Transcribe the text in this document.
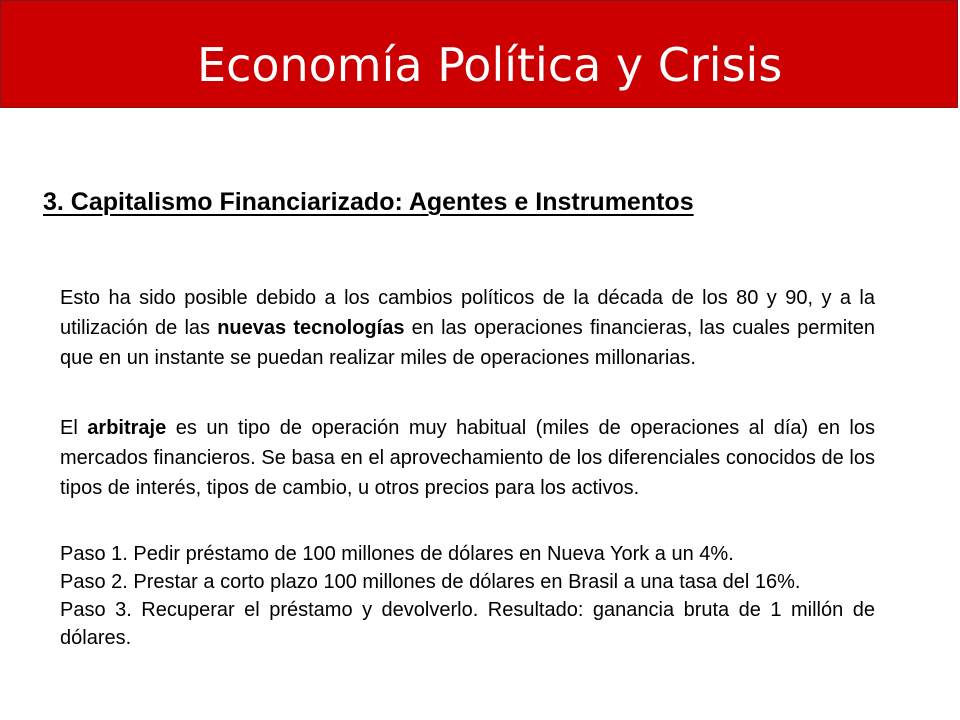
Economía Política y Crisis
3. Capitalismo Financiarizado: Agentes e Instrumentos
Esto ha sido posible debido a los cambios políticos de la década de los 80 y 90, y a la utilización de las nuevas tecnologías en las operaciones financieras, las cuales permiten que en un instante se puedan realizar miles de operaciones millonarias.
El arbitraje es un tipo de operación muy habitual (miles de operaciones al día) en los mercados financieros. Se basa en el aprovechamiento de los diferenciales conocidos de los tipos de interés, tipos de cambio, u otros precios para los activos.
Paso 1. Pedir préstamo de 100 millones de dólares en Nueva York a un 4%.
Paso 2. Prestar a corto plazo 100 millones de dólares en Brasil a una tasa del 16%.
Paso 3. Recuperar el préstamo y devolverlo. Resultado: ganancia bruta de 1 millón de dólares.
